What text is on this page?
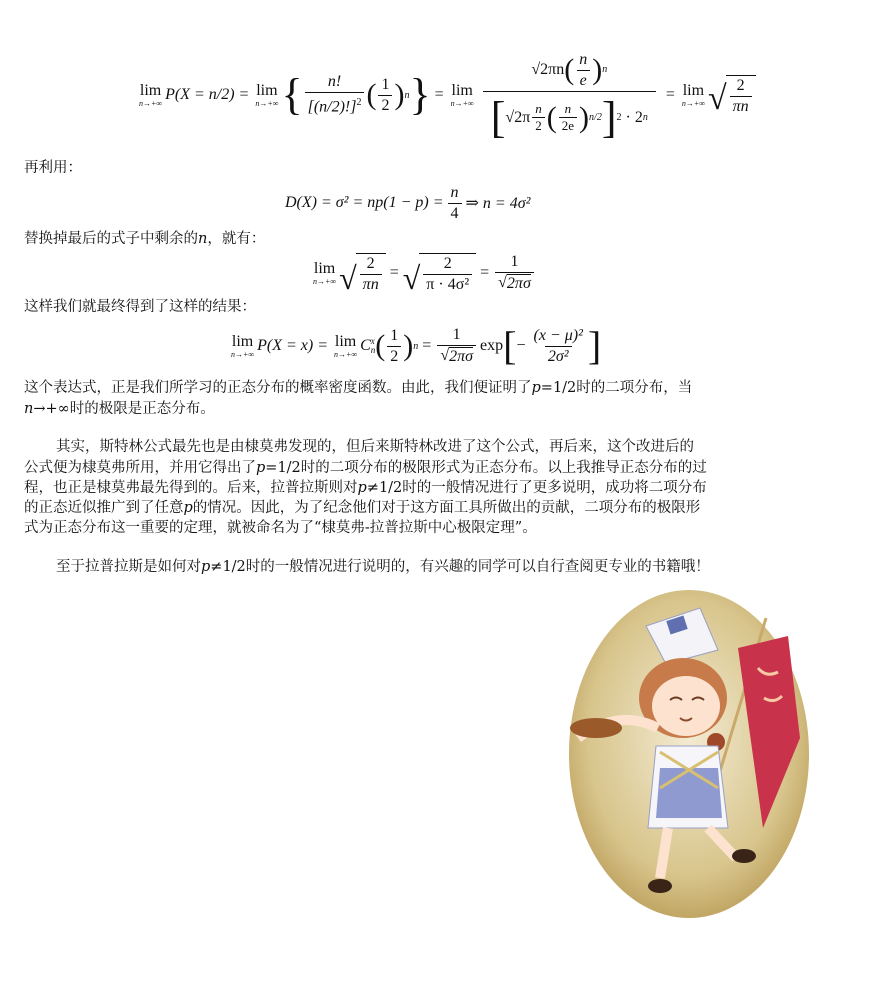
lim
n→+∞ P(X = n/2) = lim
n→+∞ { $\frac{n!}{[(n/2)!]^2}$ ( $\frac{1}{2}$ ) n } = lim
n→+∞
√2πn ( $\frac{n}{e}$ ) n
[ $√2\pi \frac{n}{2}$ ( $\frac{n}{2e}$ ) n/2 ] 2 · 2 n
= lim
n→+∞ √ $\frac{2}{\pi n}$
再利用：
$D(X) = \sigma^2 = np(1 - p) = \frac{n}{4}$ ⇒ n = 4σ²
替换掉最后的式子中剩余的n，就有：
lim
n→+∞ √ $\frac{2}{\pi n}$ = √ $\frac{2}{\text{π · 4σ²}} = \frac{1}{√ 2\pi\sigma}$
这样我们就最终得到了这样的结果：
lim
n→+∞ P(X = x) = lim
n→+∞ C x
n ( $\frac{1}{2}$ ) $n = \frac{1}{√ 2\pi\sigma}$ exp [ − $\frac{\text{(x − μ)²}}{\text{2σ²}}$ ]
这个表达式，正是我们所学习的正态分布的概率密度函数。由此，我们便证明了p=1/2时的二项分布，当
n→+∞时的极限是正态分布。
其实，斯特林公式最先也是由棣莫弗发现的，但后来斯特林改进了这个公式，再后来，这个改进后的
公式便为棣莫弗所用，并用它得出了p=1/2时的二项分布的极限形式为正态分布。以上我推导正态分布的过
程，也正是棣莫弗最先得到的。后来，拉普拉斯则对p≠1/2时的一般情况进行了更多说明，成功将二项分布
的正态近似推广到了任意p的情况。因此，为了纪念他们对于这方面工具所做出的贡献，二项分布的极限形
式为正态分布这一重要的定理，就被命名为了“棣莫弗-拉普拉斯中心极限定理”。
至于拉普拉斯是如何对p≠1/2时的一般情况进行说明的，有兴趣的同学可以自行查阅更专业的书籍哦！
